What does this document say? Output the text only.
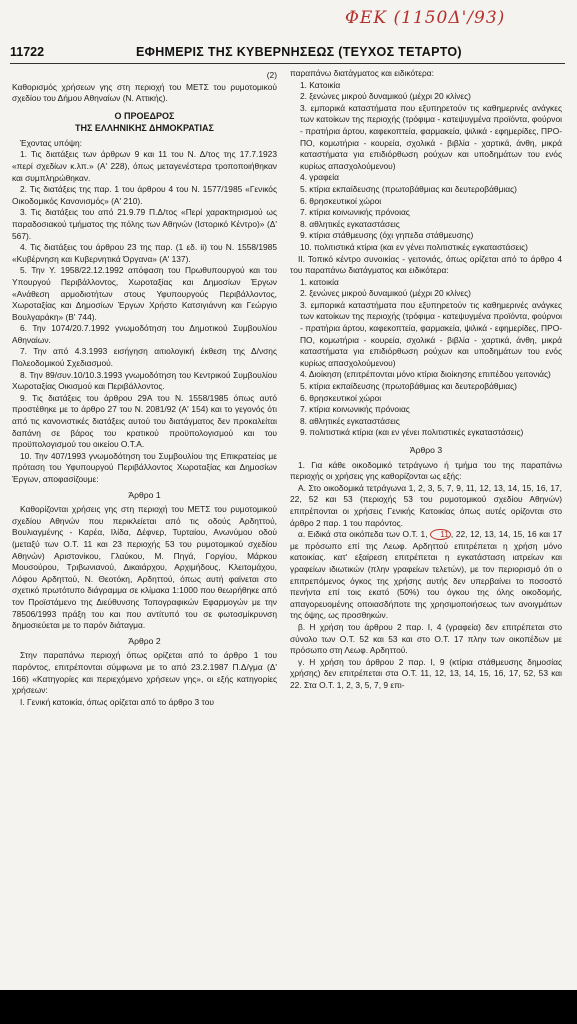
ΦΕΚ (1150Δ'/93)
11722	ΕΦΗΜΕΡΙΣ ΤΗΣ ΚΥΒΕΡΝΗΣΕΩΣ (ΤΕΥΧΟΣ ΤΕΤΑΡΤΟ)

(2)

Καθορισμός χρήσεων γης στη περιοχή του ΜΕΤΣ του ρυμοτομικού σχεδίου του Δήμου Αθηναίων (Ν. Αττικής).

Ο ΠΡΟΕΔΡΟΣ

ΤΗΣ ΕΛΛΗΝΙΚΗΣ ΔΗΜΟΚΡΑΤΙΑΣ

Έχοντας υπόψη:

1. Τις διατάξεις των άρθρων 9 και 11 του Ν. Δ/τος της 17.7.1923 «περί σχεδίων κ.λπ.» (Α' 228), όπως μεταγενέστερα τροποποιήθηκαν και συμπληρώθηκαν.

2. Τις διατάξεις της παρ. 1 του άρθρου 4 του Ν. 1577/1985 «Γενικός Οικοδομικός Κανονισμός» (Α' 210).

3. Τις διατάξεις του από 21.9.79 Π.Δ/τος «Περί χαρακτηρισμού ως παραδοσιακού τμήματος της πόλης των Αθηνών (Ιστορικό Κέντρο)» (Δ' 567).

4. Τις διατάξεις του άρθρου 23 της παρ. (1 εδ. ii) του Ν. 1558/1985 «Κυβέρνηση και Κυβερνητικά Όργανα» (Α' 137).

5. Την Υ. 1958/22.12.1992 απόφαση του Πρωθυπουργού και του Υπουργού Περιβάλλοντος, Χωροταξίας και Δημοσίων Έργων «Ανάθεση αρμοδιοτήτων στους Υφυπουργούς Περιβάλλοντος, Χωροταξίας και Δημοσίων Έργων Χρήστο Κατσιγιάννη και Γεώργιο Βουλγαράκη» (Β' 744).

6. Την 1074/20.7.1992 γνωμοδότηση του Δημοτικού Συμβουλίου Αθηναίων.

7. Την από 4.3.1993 εισήγηση αιτιολογική έκθεση της Δ/νσης Πολεοδομικού Σχεδιασμού.

8. Την 89/συν.10/10.3.1993 γνωμοδότηση του Κεντρικού Συμβουλίου Χωροταξίας Οικισμού και Περιβάλλοντος.

9. Τις διατάξεις του άρθρου 29Α του Ν. 1558/1985 όπως αυτό προστέθηκε με το άρθρο 27 του Ν. 2081/92 (Α' 154) και το γεγονός ότι από τις κανονιστικές διατάξεις αυτού του διατάγματος δεν προκαλείται δαπάνη σε βάρος του κρατικού προϋπολογισμού και του προϋπολογισμού του οικείου Ο.Τ.Α.

10. Την 407/1993 γνωμοδότηση του Συμβουλίου της Επικρατείας με πρόταση του Υφυπουργού Περιβάλλοντος Χωροταξίας και Δημοσίων Έργων, αποφασίζουμε:

Άρθρο 1

Καθορίζονται χρήσεις γης στη περιοχή του ΜΕΤΣ του ρυμοτομικού σχεδίου Αθηνών που περικλείεται από τις οδούς Αρδηττού, Βουλιαγμένης - Καρέα, Ιλίδα, Δέφνερ, Τυρταίου, Ανωνύμου οδού (μεταξύ των Ο.Τ. 11 και 23 περιοχής 53 του ρυμοτομικού σχεδίου Αθηνών) Αριστονίκου, Γλαύκου, Μ. Πηγά, Γοργίου, Μάρκου Μουσούρου, Τριβωνιανού, Δικαιάρχου, Αρχιμήδους, Κλειτομάχου, Λόφου Αρδηττού, Ν. Θεοτόκη, Αρδηττού, όπως αυτή φαίνεται στο σχετικό πρωτότυπο διάγραμμα σε κλίμακα 1:1000 που θεωρήθηκε από τον Προϊστάμενο της Διεύθυνσης Τοπογραφικών Εφαρμογών με την 78506/1993 πράξη του και που αντίτυπό του σε φωτοσμίκρυνση δημοσιεύεται με το παρόν διάταγμα.

Άρθρο 2

Στην παραπάνω περιοχή όπως ορίζεται από το άρθρο 1 του παρόντος, επιτρέπονται σύμφωνα με το από 23.2.1987 Π.Δ/γμα (Δ' 166) «Κατηγορίες και περιεχόμενο χρήσεων γης», οι εξής κατηγορίες χρήσεων:

Ι. Γενική κατοικία, όπως ορίζεται από το άρθρο 3 του

παραπάνω διατάγματος και ειδικότερα:

1. Κατοικία

2. ξενώνες μικρού δυναμικού (μέχρι 20 κλίνες)

3. εμπορικά καταστήματα που εξυπηρετούν τις καθημερινές ανάγκες των κατοίκων της περιοχής (τρόφιμα - κατεψυγμένα προϊόντα, φούρνοι - πρατήρια άρτου, καφεκοπτεία, φαρμακεία, ψιλικά - εφημερίδες, ΠΡΟ-ΠΟ, κομωτήρια - κουρεία, σχολικά - βιβλία - χαρτικά, άνθη, μικρά καταστήματα για επιδιόρθωση ρούχων και υποδημάτων του ενός κυρίως απασχολούμενου)

4. γραφεία

5. κτίρια εκπαίδευσης (πρωτοβάθμιας και δευτεροβάθμιας)

6. θρησκευτικοί χώροι

7. κτίρια κοινωνικής πρόνοιας

8. αθλητικές εγκαταστάσεις

9. κτίρια στάθμευσης (όχι γηπεδα στάθμευσης)

10. πολιτιστικά κτίρια (και εν γένει πολιτιστικές εγκαταστάσεις)

ΙΙ. Τοπικό κέντρο συνοικίας - γειτονιάς, όπως ορίζεται από το άρθρο 4 του παραπάνω διατάγματος και ειδικότερα:

1. κατοικία

2. ξενώνες μικρού δυναμικού (μέχρι 20 κλίνες)

3. εμπορικά καταστήματα που εξυπηρετούν τις καθημερινές ανάγκες των κατοίκων της περιοχής (τρόφιμα - κατεψυγμένα προϊόντα, φούρνοι - πρατήρια άρτου, καφεκοπτεία, φαρμακεία, ψιλικά - εφημερίδες, ΠΡΟ-ΠΟ, κομωτήρια - κουρεία, σχολικά - βιβλία - χαρτικά, άνθη, μικρά καταστήματα για επιδιόρθωση ρούχων και υποδημάτων του ενός κυρίως απασχολούμενου)

4. Διοίκηση (επιτρέπονται μόνο κτίρια διοίκησης επιπέδου γειτονιάς)

5. κτίρια εκπαίδευσης (πρωτοβάθμιας και δευτεροβάθμιας)

6. θρησκευτικοί χώροι

7. κτίρια κοινωνικής πρόνοιας

8. αθλητικές εγκαταστάσεις

9. πολιτιστικά κτίρια (και εν γένει πολιτιστικές εγκαταστάσεις)

Άρθρο 3

1. Για κάθε οικοδομικό τετράγωνο ή τμήμα του της παραπάνω περιοχής οι χρήσεις γης καθορίζονται ως εξής:

Α. Στο οικοδομικά τετράγωνα 1, 2, 3, 5, 7, 9, 11, 12, 13, 14, 15, 16, 17, 22, 52 και 53 (περιοχής 53 του ρυμοτομικού σχεδίου Αθηνών) επιτρέπονται οι χρήσεις Γενικής Κατοικίας όπως αυτές ορίζονται στο άρθρο 2 παρ. 1 του παρόντος.

α. Ειδικά στα οικόπεδα των Ο.Τ. 1, 11 , 22, 12, 13, 14, 15, 16 και 17 με πρόσωπο επί της Λεωφ. Αρδηττού επιτρέπεται η χρήση μόνο κατοικίας. κατ' εξαίρεση επιτρέπεται η εγκατάσταση ιατρείων και γραφείων ιδιωτικών (πλην γραφείων τελετών), με τον περιορισμό ότι ο επιτρεπόμενος όγκος της χρήσης αυτής δεν υπερβαίνει το ποσοστό πενήντα επί τοις εκατό (50%) του όγκου της όλης οικοδομής, απαγορευομένης οποιασδήποτε της χρησιμοποιήσεως των ανοιγμάτων της όψης, ως προσθηκών.

β. Η χρήση του άρθρου 2 παρ. Ι, 4 (γραφεία) δεν επιτρέπεται στο σύνολο των Ο.Τ. 52 και 53 και στο Ο.Τ. 17 πλην των οικοπέδων με πρόσωπο στη Λεωφ. Αρδηττού.

γ. Η χρήση του άρθρου 2 παρ. Ι, 9 (κτίρια στάθμευσης δημοσίας χρήσης) δεν επιτρέπεται στα Ο.Τ. 11, 12, 13, 14, 15, 16, 17, 52, 53 και 22. Στα Ο.Τ. 1, 2, 3, 5, 7, 9 επι-
